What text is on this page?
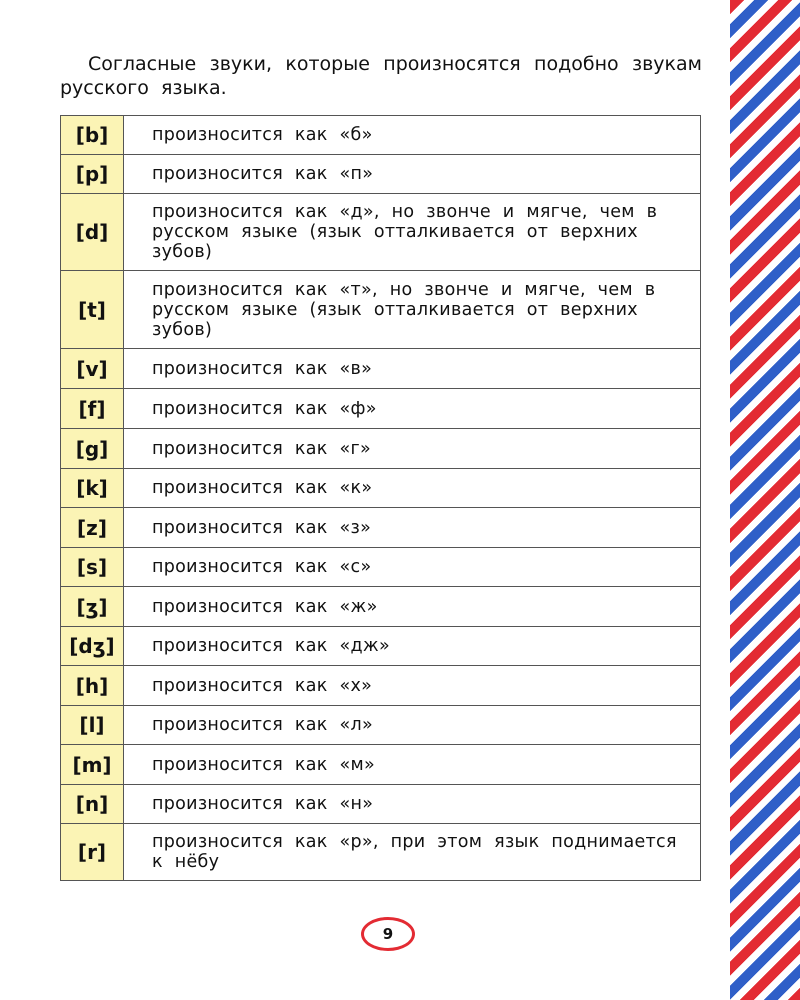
Согласные звуки, которые произносятся подобно звукам русского языка.

[b]	произносится как «б»
[p]	произносится как «п»
[d]	произносится как «д», но звонче и мягче, чем в русском языке (язык отталкивается от верхних зубов)
[t]	произносится как «т», но звонче и мягче, чем в русском языке (язык отталкивается от верхних зубов)
[v]	произносится как «в»
[f]	произносится как «ф»
[g]	произносится как «г»
[k]	произносится как «к»
[z]	произносится как «з»
[s]	произносится как «с»
[ʒ]	произносится как «ж»
[dʒ]	произносится как «дж»
[h]	произносится как «х»
[l]	произносится как «л»
[m]	произносится как «м»
[n]	произносится как «н»
[r]	произносится как «р», при этом язык поднимается к нёбу
9
